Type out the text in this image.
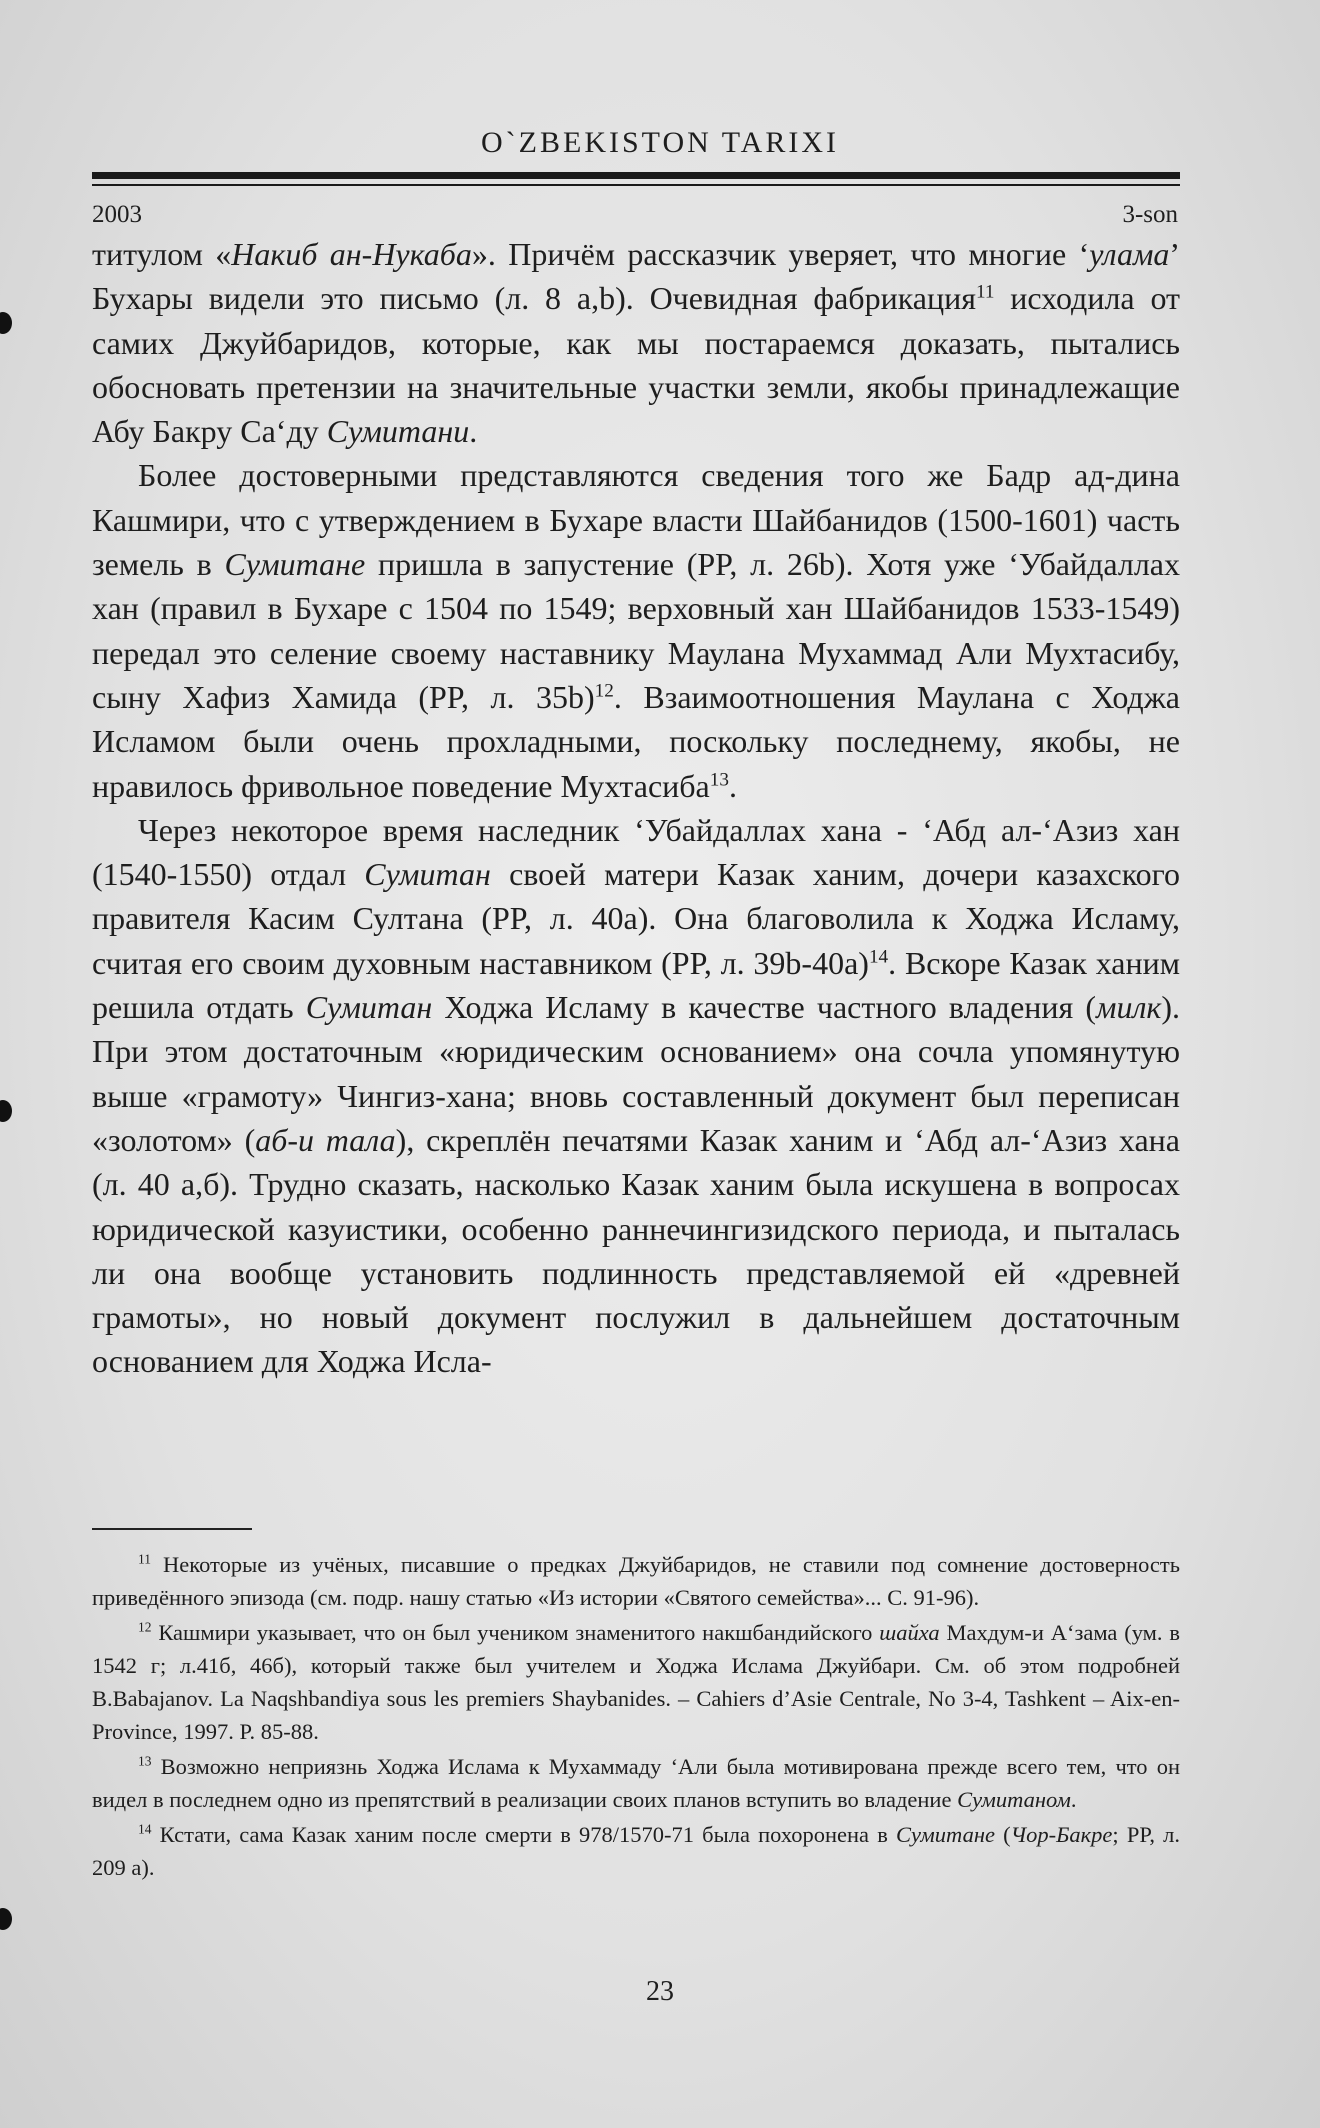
O`ZBEKISTON TARIXI
2003	3-son

титулом «Накиб ан-Нукаба». Причём рассказчик уверяет, что многие ‘улама’ Бухары видели это письмо (л. 8 a,b). Очевидная фабрикация$^{11}$ исходила от самих Джуйбаридов, которые, как мы постараемся доказать, пытались обосновать претензии на значительные участки земли, якобы принадлежащие Абу Бакру Са‘ду Сумитани.

Более достоверными представляются сведения того же Бадр ад-дина Кашмири, что с утверждением в Бухаре власти Шайбанидов (1500-1601) часть земель в Сумитане пришла в запустение (PP, л. 26b). Хотя уже ‘Убайдаллах хан (правил в Бухаре с 1504 по 1549; верховный хан Шайбанидов 1533-1549) передал это селение своему наставнику Маулана Мухаммад Али Мухтасибу, сыну Хафиз Хамида (PP, л. 35b)$^{12}$. Взаимоотношения Маулана с Ходжа Исламом были очень прохладными, поскольку последнему, якобы, не нравилось фривольное поведение Мухтасиба$^{13}$.

Через некоторое время наследник ‘Убайдаллах хана - ‘Абд ал-‘Азиз хан (1540-1550) отдал Сумитан своей матери Казак ханим, дочери казахского правителя Касим Султана (PP, л. 40а). Она благоволила к Ходжа Исламу, считая его своим духовным наставником (PP, л. 39b-40a)$^{14}$. Вскоре Казак ханим решила отдать Сумитан Ходжа Исламу в качестве частного владения (милк). При этом достаточным «юридическим основанием» она сочла упомянутую выше «грамоту» Чингиз-хана; вновь составленный документ был переписан «золотом» (аб-и тала), скреплён печатями Казак ханим и ‘Абд ал-‘Азиз хана (л. 40 а,б). Трудно сказать, насколько Казак ханим была искушена в вопросах юридической казуистики, особенно раннечингизидского периода, и пыталась ли она вообще установить подлинность представляемой ей «древней грамоты», но новый документ послужил в дальнейшем достаточным основанием для Ходжа Исла-

$^{11}$ Некоторые из учёных, писавшие о предках Джуйбаридов, не ставили под сомнение достоверность приведённого эпизода (см. подр. нашу статью «Из истории «Святого семейства»... С. 91-96).

$^{12}$ Кашмири указывает, что он был учеником знаменитого накшбандийского шайха Махдум-и А‘зама (ум. в 1542 г; л.41б, 46б), который также был учителем и Ходжа Ислама Джуйбари. См. об этом подробней B.Babajanov. La Naqshbandiya sous les premiers Shaybanides. – Cahiers d’Asie Centrale, No 3-4, Tashkent – Aix-en-Province, 1997. P. 85-88.

$^{13}$ Возможно неприязнь Ходжа Ислама к Мухаммаду ‘Али была мотивирована прежде всего тем, что он видел в последнем одно из препятствий в реализации своих планов вступить во владение Сумитаном.

$^{14}$ Кстати, сама Казак ханим после смерти в 978/1570-71 была похоронена в Сумитане (Чор-Бакре; PP, л. 209 а).

23
